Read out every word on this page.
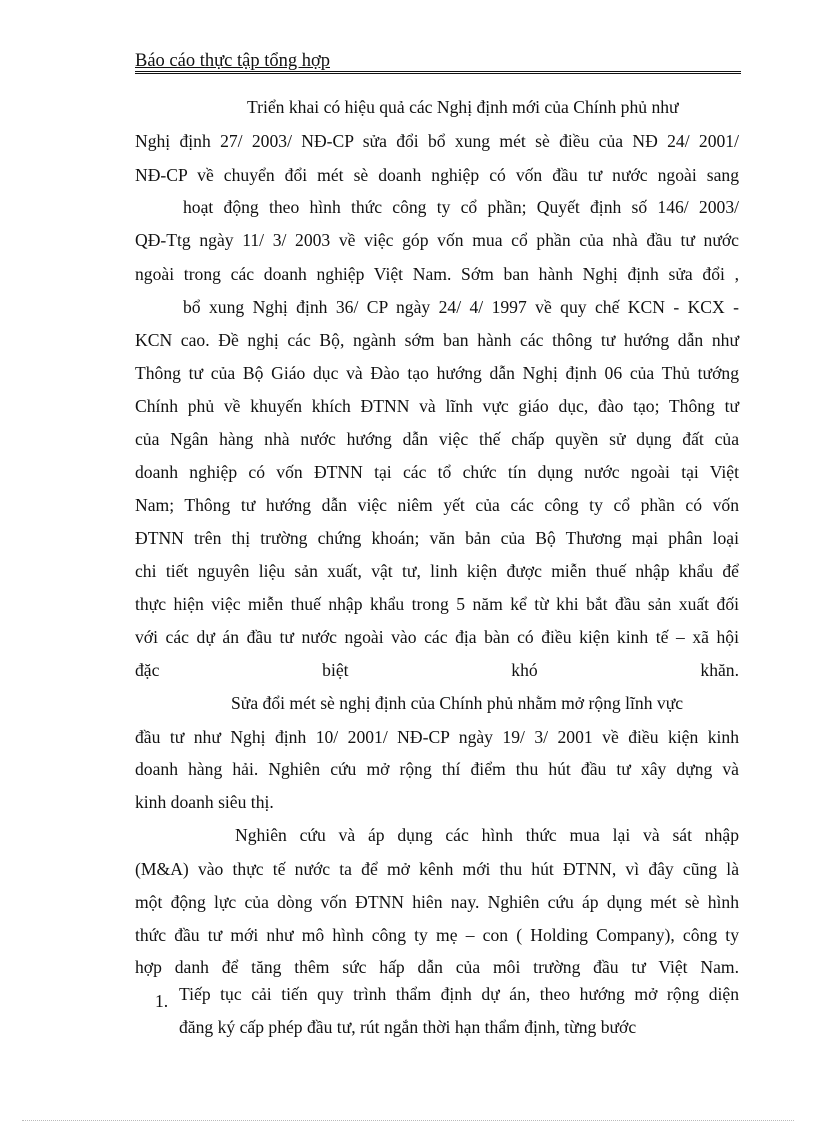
Báo cáo thực tập tổng hợp
Triển khai có hiệu quả các Nghị định mới của Chính phủ như
Nghị định 27/ 2003/ NĐ-CP sửa đổi bổ xung mét sè điều của NĐ 24/ 2001/
NĐ-CP về chuyển đổi mét sè doanh nghiệp có vốn đầu tư nước ngoài sang
hoạt động theo hình thức công ty cổ phần; Quyết định số 146/ 2003/
QĐ-Ttg ngày 11/ 3/ 2003 về việc góp vốn mua cổ phần của nhà đầu tư nước
ngoài trong các doanh nghiệp Việt Nam. Sớm ban hành Nghị định sửa đổi ,
bổ xung Nghị định 36/ CP ngày 24/ 4/ 1997 về quy chế KCN - KCX -
KCN cao. Đề nghị các Bộ, ngành sớm ban hành các thông tư hướng dẫn như
Thông tư của Bộ Giáo dục và Đào tạo hướng dẫn Nghị định 06 của Thủ tướng
Chính phủ về khuyến khích ĐTNN và lĩnh vực giáo dục, đào tạo; Thông tư
của Ngân hàng nhà nước hướng dẫn việc thế chấp quyền sử dụng đất của
doanh nghiệp có vốn ĐTNN tại các tổ chức tín dụng nước ngoài tại Việt
Nam; Thông tư hướng dẫn việc niêm yết của các công ty cổ phần có vốn
ĐTNN trên thị trường chứng khoán; văn bản của Bộ Thương mại phân loại
chi tiết nguyên liệu sản xuất, vật tư, linh kiện được miễn thuế nhập khẩu để
thực hiện việc miễn thuế nhập khẩu trong 5 năm kể từ khi bắt đầu sản xuất đối
với các dự án đầu tư nước ngoài vào các địa bàn có điều kiện kinh tế – xã hội
đặc biệt khó khăn.
Sửa đổi mét sè nghị định của Chính phủ nhằm mở rộng lĩnh vực
đầu tư như Nghị định 10/ 2001/ NĐ-CP ngày 19/ 3/ 2001 về điều kiện kinh
doanh hàng hải. Nghiên cứu mở rộng thí điểm thu hút đầu tư xây dựng và
kinh doanh siêu thị.
Nghiên cứu và áp dụng các hình thức mua lại và sát nhập
(M&A) vào thực tế nước ta để mở kênh mới thu hút ĐTNN, vì đây cũng là
một động lực của dòng vốn ĐTNN hiên nay. Nghiên cứu áp dụng mét sè hình
thức đầu tư mới như mô hình công ty mẹ – con ( Holding Company), công ty
hợp danh để tăng thêm sức hấp dẫn của môi trường đầu tư Việt Nam.
1. Tiếp tục cải tiến quy trình thẩm định dự án, theo hướng mở rộng diện
đăng ký cấp phép đầu tư, rút ngắn thời hạn thẩm định, từng bước
